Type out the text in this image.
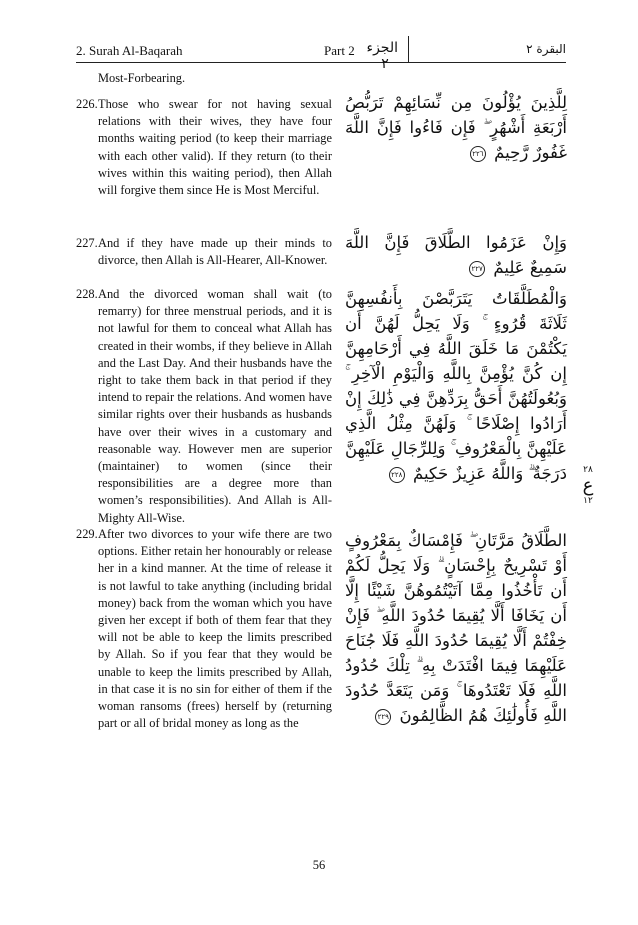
2. Surah Al-Baqarah	Part 2 الجزء ٢
البقرة ٢
Most-Forbearing.
226. Those who swear for not having sexual relations with their wives, they have four months waiting period (to keep their marriage with each other valid). If they return (to their wives within this waiting period), then Allah will forgive them since He is Most Merciful.
لِلَّذِينَ يُؤْلُونَ مِن نِّسَائِهِمْ تَرَبُّصُ أَرْبَعَةِ أَشْهُرٍ ۖ فَإِن فَاءُوا فَإِنَّ اللَّهَ غَفُورٌ رَّحِيمٌ ٢٢٦
227. And if they have made up their minds to divorce, then Allah is All-Hearer, All-Knower.
وَإِنْ عَزَمُوا الطَّلَاقَ فَإِنَّ اللَّهَ سَمِيعٌ عَلِيمٌ ٢٢٧
228. And the divorced woman shall wait (to remarry) for three menstrual periods, and it is not lawful for them to conceal what Allah has created in their wombs, if they believe in Allah and the Last Day. And their husbands have the right to take them back in that period if they intend to repair the relations. And women have similar rights over their husbands as husbands have over their wives in a customary and reasonable way. However men are superior (maintainer) to women (since their responsibilities are a degree more than women’s responsibilities). And Allah is All-Mighty All-Wise.
وَالْمُطَلَّقَاتُ يَتَرَبَّصْنَ بِأَنفُسِهِنَّ ثَلَاثَةَ قُرُوءٍ ۚ وَلَا يَحِلُّ لَهُنَّ أَن يَكْتُمْنَ مَا خَلَقَ اللَّهُ فِي أَرْحَامِهِنَّ إِن كُنَّ يُؤْمِنَّ بِاللَّهِ وَالْيَوْمِ الْآخِرِ ۚ وَبُعُولَتُهُنَّ أَحَقُّ بِرَدِّهِنَّ فِي ذَٰلِكَ إِنْ أَرَادُوا إِصْلَاحًا ۚ وَلَهُنَّ مِثْلُ الَّذِي عَلَيْهِنَّ بِالْمَعْرُوفِ ۚ وَلِلرِّجَالِ عَلَيْهِنَّ دَرَجَةٌ ۗ وَاللَّهُ عَزِيزٌ حَكِيمٌ ٢٢٨	٢٨
ع
١٢
229. After two divorces to your wife there are two options. Either retain her honourably or release her in a kind manner. At the time of release it is not lawful to take anything (including bridal money) back from the woman which you have given her except if both of them fear that they will not be able to keep the limits prescribed by Allah. So if you fear that they would be unable to keep the limits prescribed by Allah, in that case it is no sin for either of them if the woman ransoms (frees) herself by (returning part or all of bridal money as long as the
الطَّلَاقُ مَرَّتَانِ ۖ فَإِمْسَاكٌ بِمَعْرُوفٍ أَوْ تَسْرِيحٌ بِإِحْسَانٍ ۗ وَلَا يَحِلُّ لَكُمْ أَن تَأْخُذُوا مِمَّا آتَيْتُمُوهُنَّ شَيْئًا إِلَّا أَن يَخَافَا أَلَّا يُقِيمَا حُدُودَ اللَّهِ ۖ فَإِنْ خِفْتُمْ أَلَّا يُقِيمَا حُدُودَ اللَّهِ فَلَا جُنَاحَ عَلَيْهِمَا فِيمَا افْتَدَتْ بِهِ ۗ تِلْكَ حُدُودُ اللَّهِ فَلَا تَعْتَدُوهَا ۚ وَمَن يَتَعَدَّ حُدُودَ اللَّهِ فَأُولَٰئِكَ هُمُ الظَّالِمُونَ ٢٢٩
56
